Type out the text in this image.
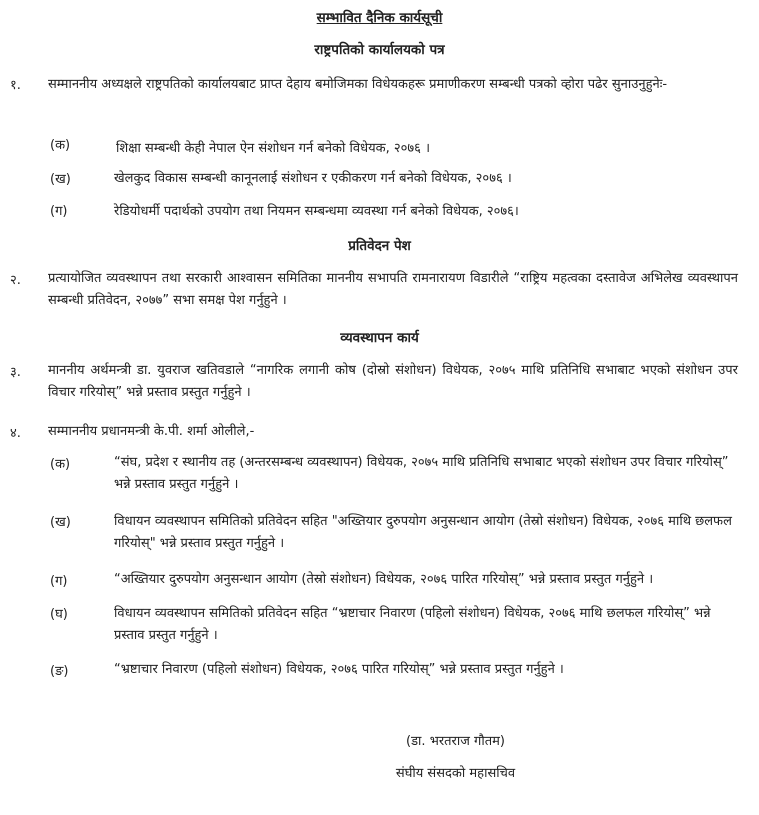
सम्भावित दैनिक कार्यसूची
राष्ट्रपतिको कार्यालयको पत्र
१. सम्माननीय अध्यक्षले राष्ट्रपतिको कार्यालयबाट प्राप्त देहाय बमोजिमका विधेयकहरू प्रमाणीकरण सम्बन्धी पत्रको व्होरा पढेर सुनाउनुहुनेः-
(क)	शिक्षा सम्बन्धी केही नेपाल ऐन संशोधन गर्न बनेको विधेयक, २०७६ ।
(ख)	खेलकुद विकास सम्बन्धी कानूनलाई संशोधन र एकीकरण गर्न बनेको विधेयक, २०७६ ।
(ग)	रेडियोधर्मी पदार्थको उपयोग तथा नियमन सम्बन्धमा व्यवस्था गर्न बनेको विधेयक, २०७६।
प्रतिवेदन पेश
२. प्रत्यायोजित व्यवस्थापन तथा सरकारी आश्वासन समितिका माननीय सभापति रामनारायण विडारीले “राष्ट्रिय महत्वका दस्तावेज अभिलेख व्यवस्थापन सम्बन्धी प्रतिवेदन, २०७७” सभा समक्ष पेश गर्नुहुने ।
व्यवस्थापन कार्य
३. माननीय अर्थमन्त्री डा. युवराज खतिवडाले “नागरिक लगानी कोष (दोस्रो संशोधन) विधेयक, २०७५ माथि प्रतिनिधि सभाबाट भएको संशोधन उपर विचार गरियोस्” भन्ने प्रस्ताव प्रस्तुत गर्नुहुने ।
४. सम्माननीय प्रधानमन्त्री के.पी. शर्मा ओलीले,-
(क)	“संघ, प्रदेश र स्थानीय तह (अन्तरसम्बन्ध व्यवस्थापन) विधेयक, २०७५ माथि प्रतिनिधि सभाबाट भएको संशोधन उपर विचार गरियोस्” भन्ने प्रस्ताव प्रस्तुत गर्नुहुने ।
(ख)	विधायन व्यवस्थापन समितिको प्रतिवेदन सहित "अख्तियार दुरुपयोग अनुसन्धान आयोग (तेस्रो संशोधन) विधेयक, २०७६ माथि छलफल गरियोस्" भन्ने प्रस्ताव प्रस्तुत गर्नुहुने ।
(ग)	“अख्तियार दुरुपयोग अनुसन्धान आयोग (तेस्रो संशोधन) विधेयक, २०७६ पारित गरियोस्” भन्ने प्रस्ताव प्रस्तुत गर्नुहुने ।
(घ)	विधायन व्यवस्थापन समितिको प्रतिवेदन सहित “भ्रष्टाचार निवारण (पहिलो संशोधन) विधेयक, २०७६ माथि छलफल गरियोस्” भन्ने प्रस्ताव प्रस्तुत गर्नुहुने ।
(ङ)	“भ्रष्टाचार निवारण (पहिलो संशोधन) विधेयक, २०७६ पारित गरियोस्” भन्ने प्रस्ताव प्रस्तुत गर्नुहुने ।
(डा. भरतराज गौतम)
संघीय संसदको महासचिव
